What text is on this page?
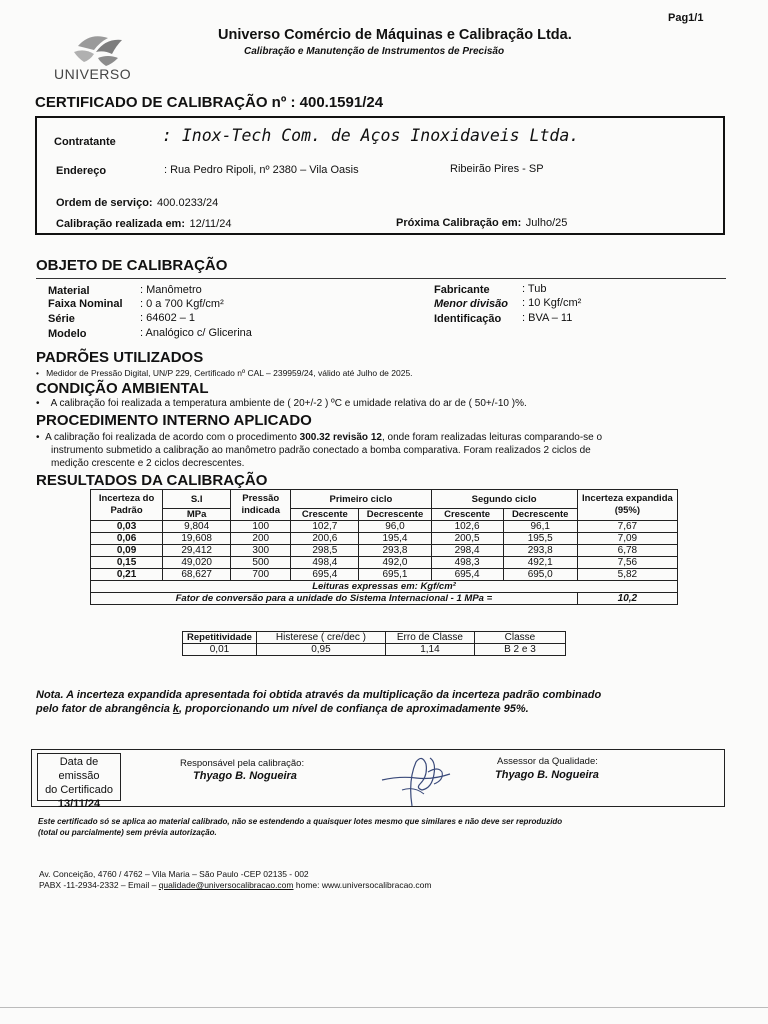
Pag1/1
UNIVERSO
Universo Comércio de Máquinas e Calibração Ltda.
Calibração e Manutenção de Instrumentos de Precisão
CERTIFICADO DE CALIBRAÇÃO nº : 400.1591/24
Contratante	: Inox-Tech Com. de Aços Inoxidaveis Ltda.
Endereço	: Rua Pedro Ripoli, nº 2380 – Vila Oasis	Ribeirão Pires - SP
Ordem de serviço: 400.0233/24
Calibração realizada em: 12/11/24	Próxima Calibração em: Julho/25
OBJETO DE CALIBRAÇÃO
Material	: Manômetro
Faixa Nominal : 0 a 700 Kgf/cm²
Série	: 64602 – 1
Modelo	: Analógico c/ Glicerina
Fabricante	: Tub
Menor divisão : 10 Kgf/cm²
Identificação : BVA – 11
PADRÕES UTILIZADOS
•   Medidor de Pressão Digital, UN/P 229, Certificado nº CAL – 239959/24, válido até Julho de 2025.
CONDIÇÃO AMBIENTAL
•    A calibração foi realizada a temperatura ambiente de ( 20+/-2 ) ºC e umidade relativa do ar de ( 50+/-10 )%.
PROCEDIMENTO INTERNO APLICADO
•  A calibração foi realizada de acordo com o procedimento 300.32 revisão 12, onde foram realizadas leituras comparando-se o
instrumento submetido a calibração ao manômetro padrão conectado a bomba comparativa. Foram realizados 2 ciclos de
medição crescente e 2 ciclos decrescentes.
RESULTADOS DA CALIBRAÇÃO
Incerteza do Padrão	S.I	Pressão indicada	Primeiro ciclo		Segundo ciclo		Incerteza expandida (95%)
	MPa		Crescente	Decrescente	Crescente	Decrescente	
0,03	9,804	100	102,7	96,0	102,6	96,1	7,67
0,06	19,608	200	200,6	195,4	200,5	195,5	7,09
0,09	29,412	300	298,5	293,8	298,4	293,8	6,78
0,15	49,020	500	498,4	492,0	498,3	492,1	7,56
0,21	68,627	700	695,4	695,1	695,4	695,0	5,82
Leituras expressas em: Kgf/cm²							
Fator de conversão para a unidade do Sistema Internacional - 1 MPa =							10,2
Repetitividade	Histerese ( cre/dec )	Erro de Classe	Classe
0,01	0,95	1,14	B 2 e 3
Nota. A incerteza expandida apresentada foi obtida através da multiplicação da incerteza padrão combinado
pelo fator de abrangência k, proporcionando um nível de confiança de aproximadamente 95%.
Data de emissão
do Certificado
13/11/24
Responsável pela calibração:
Thyago B. Nogueira
Assessor da Qualidade:
Thyago B. Nogueira
Este certificado só se aplica ao material calibrado, não se estendendo a quaisquer lotes mesmo que similares e não deve ser reproduzido
(total ou parcialmente) sem prévia autorização.
Av. Conceição, 4760 / 4762 – Vila Maria – São Paulo -CEP 02135 - 002
PABX -11-2934-2332 – Email – qualidade@universocalibracao.com home: www.universocalibracao.com
